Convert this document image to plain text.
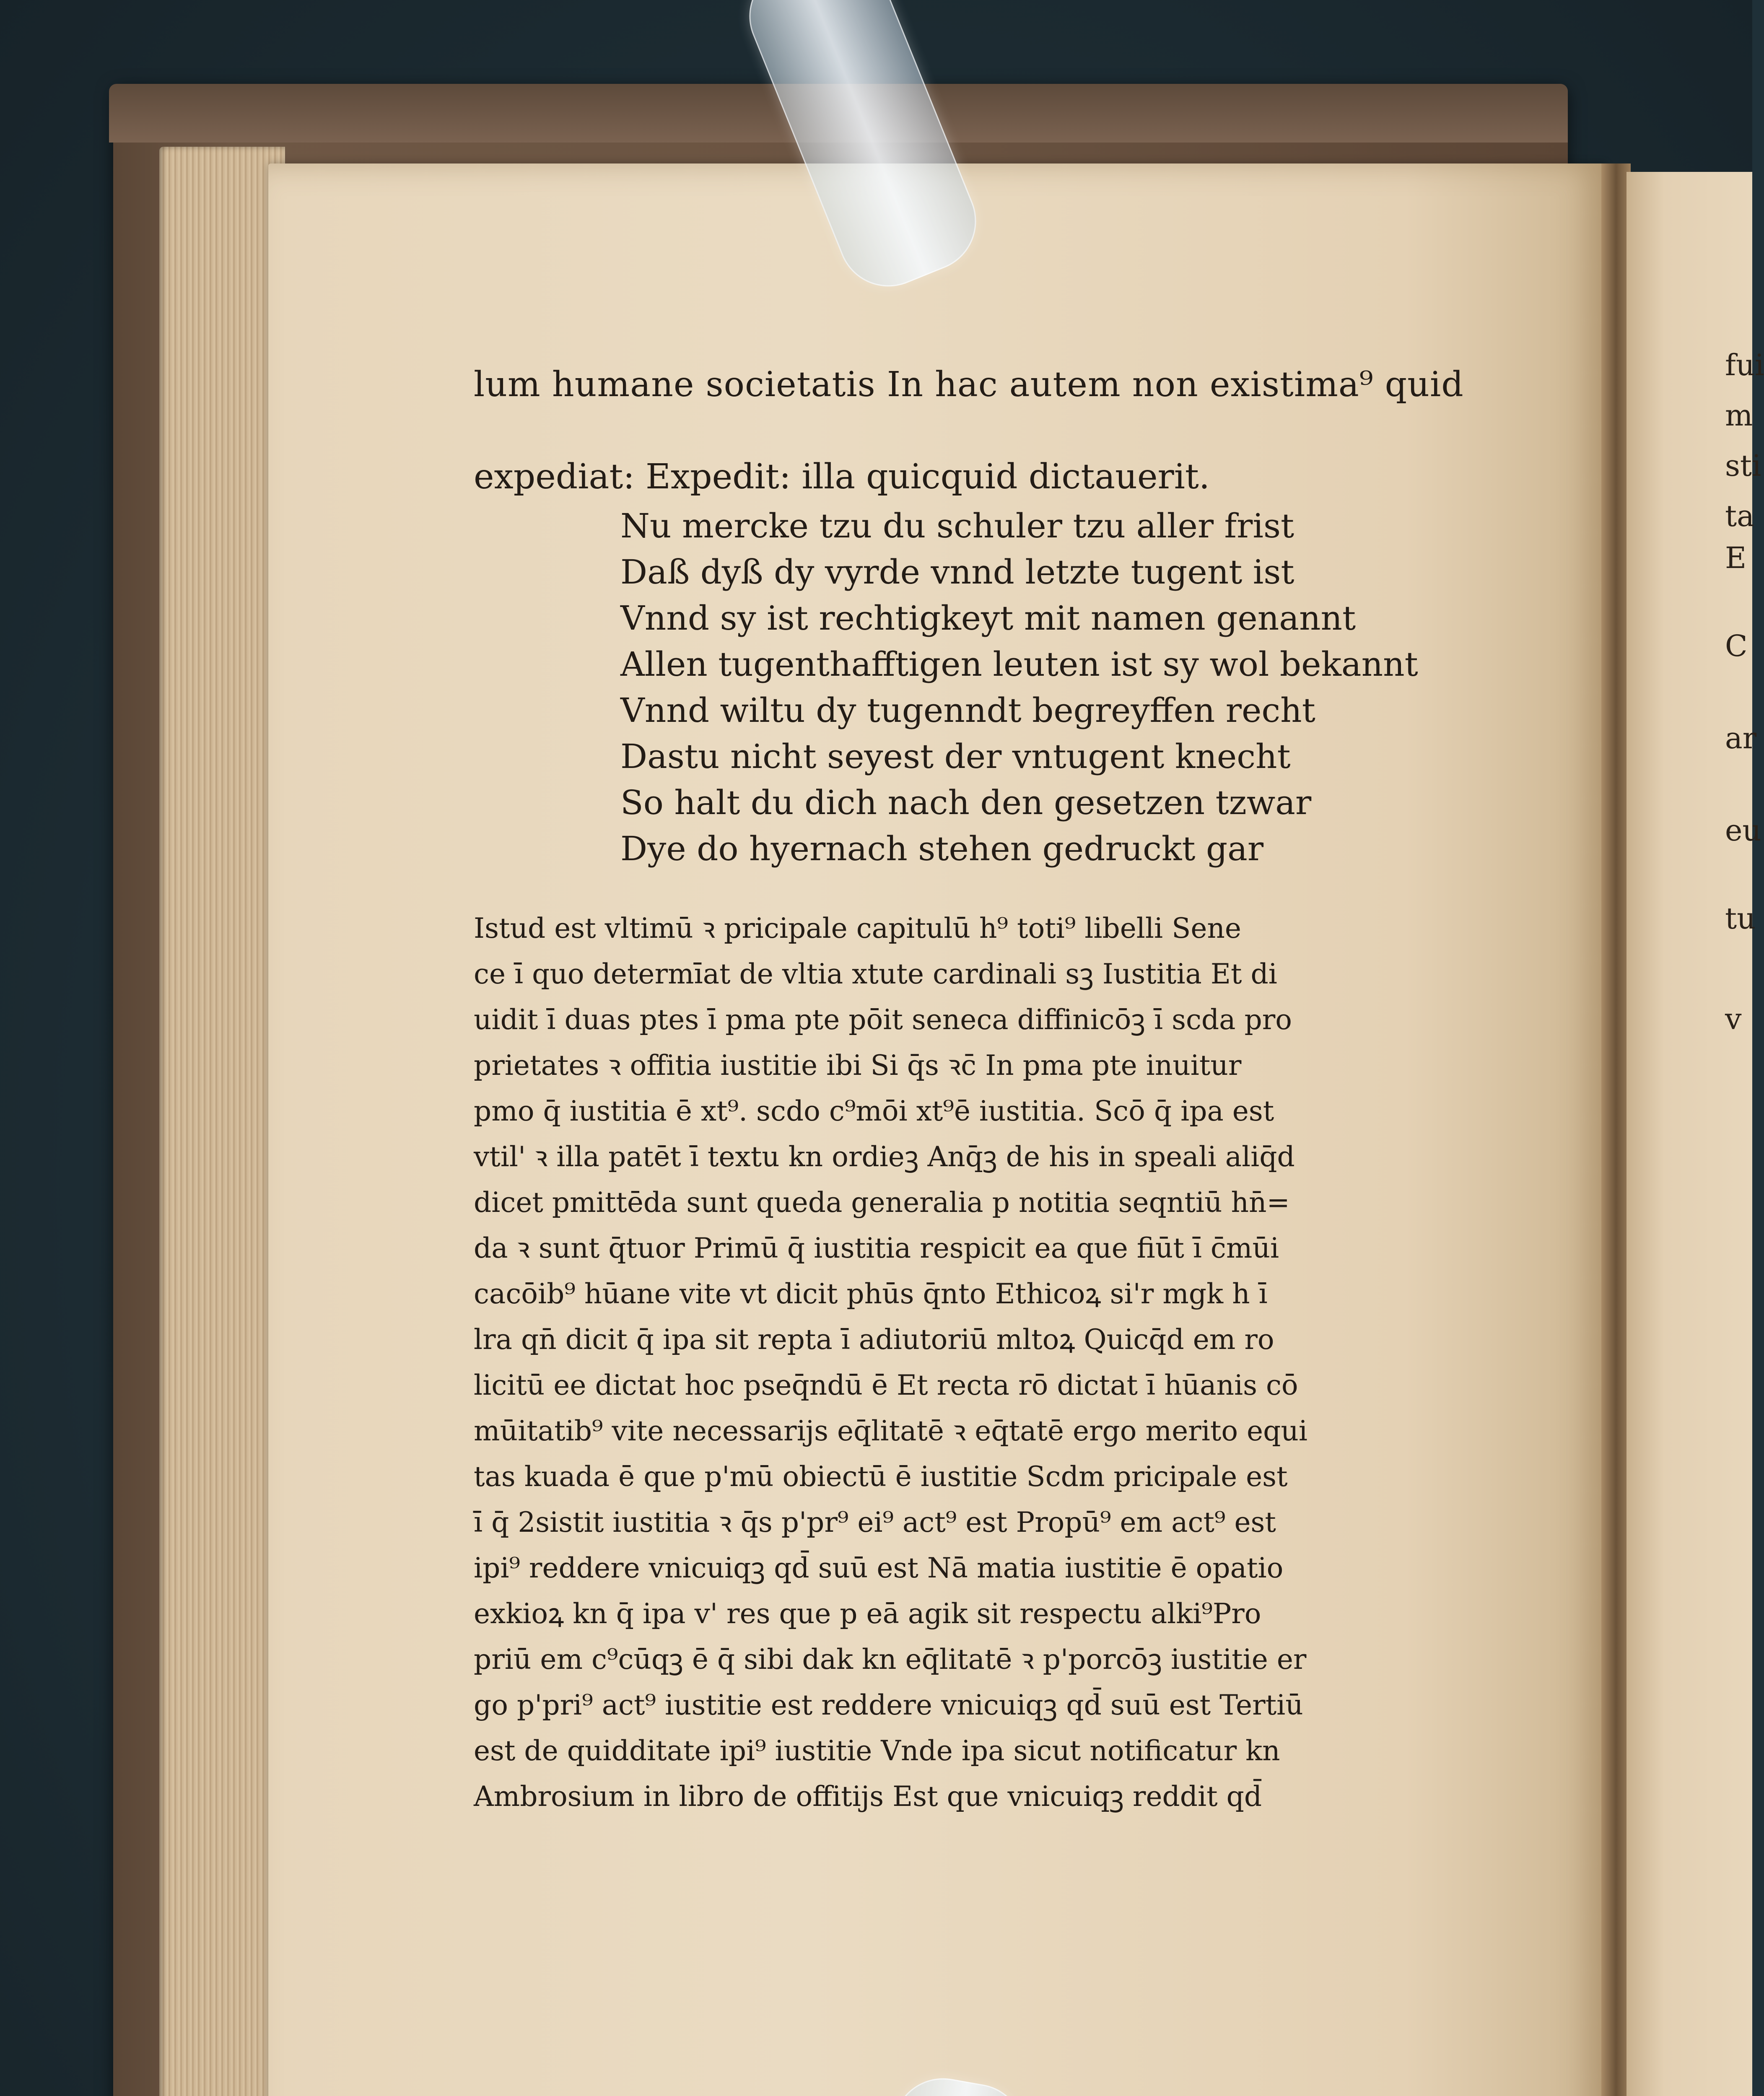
lum humane societatis In hac autem non existima⁹ quid
expediat: Expedit: illa quicquid dictauerit.
Nu mercke tzu du schuler tzu aller frist
Daß dyß dy vyrde vnnd letzte tugent ist
Vnnd sy ist rechtigkeyt mit namen genannt
Allen tugenthafftigen leuten ist sy wol bekannt
Vnnd wiltu dy tugenndt begreyffen recht
Dastu nicht seyest der vntugent knecht
So halt du dich nach den gesetzen tzwar
Dye do hyernach stehen gedruckt gar
Istud est vltimū ꝛ pricipale capitulū h⁹ toti⁹ libelli Sene
ce ī quo determīat de vltia xtute cardinali sꝫ Iustitia Et di
uidit ī duas ptes ī pma pte pōit seneca diffinicōꝫ ī scda pro
prietates ꝛ offitia iustitie ibi Si q̄s ꝛc̄ In pma pte inuitur
pmo q̄ iustitia ē xt⁹. scdo c⁹mōi xt⁹ē iustitia. Scō q̄ ipa est
vtil' ꝛ illa patēt ī textu kn ordieꝫ Anq̄ꝫ de his in speali aliq̄d
dicet pmittēda sunt queda generalia p notitia seqntiū hn̄=
da ꝛ sunt q̄tuor Primū q̄ iustitia respicit ea que fiūt ī c̄mūi
cacōib⁹ hūane vite vt dicit phūs q̄nto Ethicoꝝ si'r mgk h ī
lra qn̄ dicit q̄ ipa sit repta ī adiutoriū mltoꝝ Quicq̄d em ro
licitū ee dictat hoc pseq̄ndū ē Et recta rō dictat ī hūanis cō
mūitatib⁹ vite necessarijs eq̄litatē ꝛ eq̄tatē ergo merito equi
tas kuada ē que p'mū obiectū ē iustitie Scdm pricipale est
ī q̄ 2sistit iustitia ꝛ q̄s p'pr⁹ ei⁹ act⁹ est Propū⁹ em act⁹ est
ipi⁹ reddere vnicuiqꝫ qd̄ suū est Nā matia iustitie ē opatio
exkioꝝ kn q̄ ipa v' res que p eā agik sit respectu alki⁹Pro
priū em c⁹cūqꝫ ē q̄ sibi dak kn eq̄litatē ꝛ p'porcōꝫ iustitie er
go p'pri⁹ act⁹ iustitie est reddere vnicuiqꝫ qd̄ suū est Tertiū
est de quidditate ipi⁹ iustitie Vnde ipa sicut notificatur kn
Ambrosium in libro de offitijs Est que vnicuiqꝫ reddit qd̄
fui
m
sti
ta
E
C
ar
eu
tu
v
